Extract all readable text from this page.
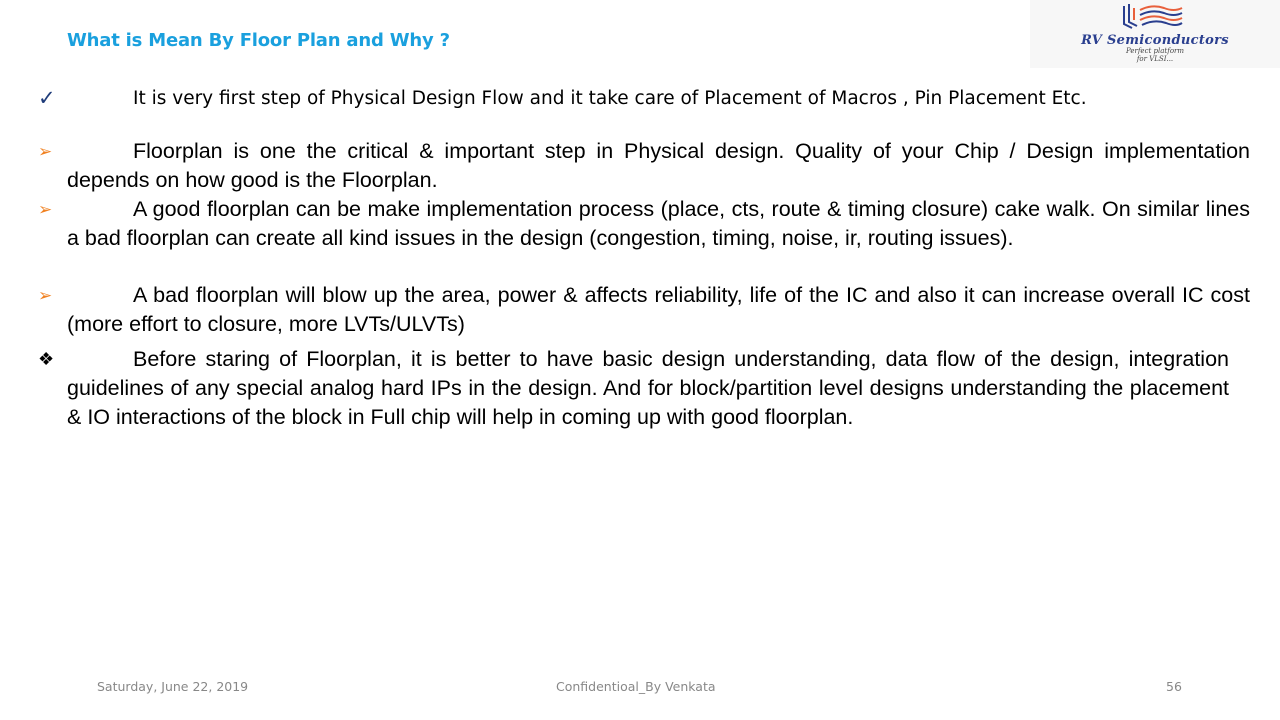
What is Mean By Floor Plan and Why ?	RV Semiconductors
Perfect platform
for VLSI...
✓	It is very first step of Physical Design Flow and it take care of Placement of Macros , Pin Placement Etc.
➢	Floorplan is one the critical & important step in Physical design. Quality of your Chip / Design implementation depends on how good is the Floorplan.
➢	A good floorplan can be make implementation process (place, cts, route & timing closure) cake walk. On similar lines a bad floorplan can create all kind issues in the design (congestion, timing, noise, ir, routing issues).
➢	A bad floorplan will blow up the area, power & affects reliability, life of the IC and also it can increase overall IC cost (more effort to closure, more LVTs/ULVTs)
❖	Before staring of Floorplan, it is better to have basic design understanding, data flow of the design, integration guidelines of any special analog hard IPs in the design. And for block/partition level designs understanding the placement & IO interactions of the block in Full chip will help in coming up with good floorplan.
Saturday, June 22, 2019	Confidentioal_By Venkata	56
